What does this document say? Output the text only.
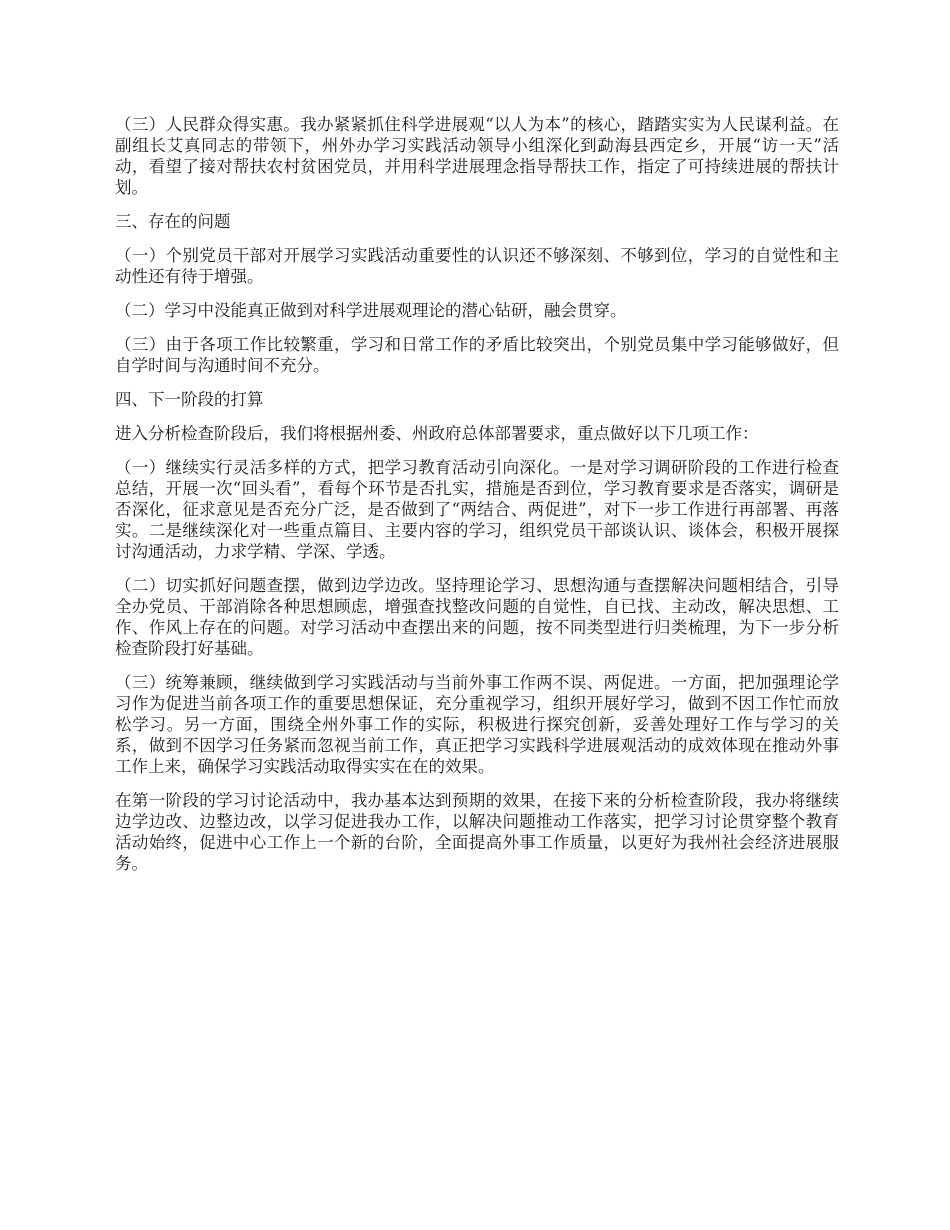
（三）人民群众得实惠。我办紧紧抓住科学进展观“以人为本”的核心，踏踏实实为人民谋利益。在副组长艾真同志的带领下，州外办学习实践活动领导小组深化到勐海县西定乡，开展“访一天”活动，看望了接对帮扶农村贫困党员，并用科学进展理念指导帮扶工作，指定了可持续进展的帮扶计划。

三、存在的问题

（一）个别党员干部对开展学习实践活动重要性的认识还不够深刻、不够到位，学习的自觉性和主动性还有待于增强。

（二）学习中没能真正做到对科学进展观理论的潜心钻研，融会贯穿。

（三）由于各项工作比较繁重，学习和日常工作的矛盾比较突出，个别党员集中学习能够做好，但自学时间与沟通时间不充分。

四、下一阶段的打算

进入分析检查阶段后，我们将根据州委、州政府总体部署要求，重点做好以下几项工作：

（一）继续实行灵活多样的方式，把学习教育活动引向深化。一是对学习调研阶段的工作进行检查总结，开展一次“回头看”，看每个环节是否扎实，措施是否到位，学习教育要求是否落实，调研是否深化，征求意见是否充分广泛，是否做到了“两结合、两促进”，对下一步工作进行再部署、再落实。二是继续深化对一些重点篇目、主要内容的学习，组织党员干部谈认识、谈体会，积极开展探讨沟通活动，力求学精、学深、学透。

（二）切实抓好问题查摆，做到边学边改。坚持理论学习、思想沟通与查摆解决问题相结合，引导全办党员、干部消除各种思想顾虑，增强查找整改问题的自觉性，自已找、主动改，解决思想、工作、作风上存在的问题。对学习活动中查摆出来的问题，按不同类型进行归类梳理，为下一步分析检查阶段打好基础。

（三）统筹兼顾，继续做到学习实践活动与当前外事工作两不误、两促进。一方面，把加强理论学习作为促进当前各项工作的重要思想保证，充分重视学习，组织开展好学习，做到不因工作忙而放松学习。另一方面，围绕全州外事工作的实际，积极进行探究创新，妥善处理好工作与学习的关系，做到不因学习任务紧而忽视当前工作，真正把学习实践科学进展观活动的成效体现在推动外事工作上来，确保学习实践活动取得实实在在的效果。

在第一阶段的学习讨论活动中，我办基本达到预期的效果，在接下来的分析检查阶段，我办将继续边学边改、边整边改，以学习促进我办工作，以解决问题推动工作落实，把学习讨论贯穿整个教育活动始终，促进中心工作上一个新的台阶，全面提高外事工作质量，以更好为我州社会经济进展服务。
